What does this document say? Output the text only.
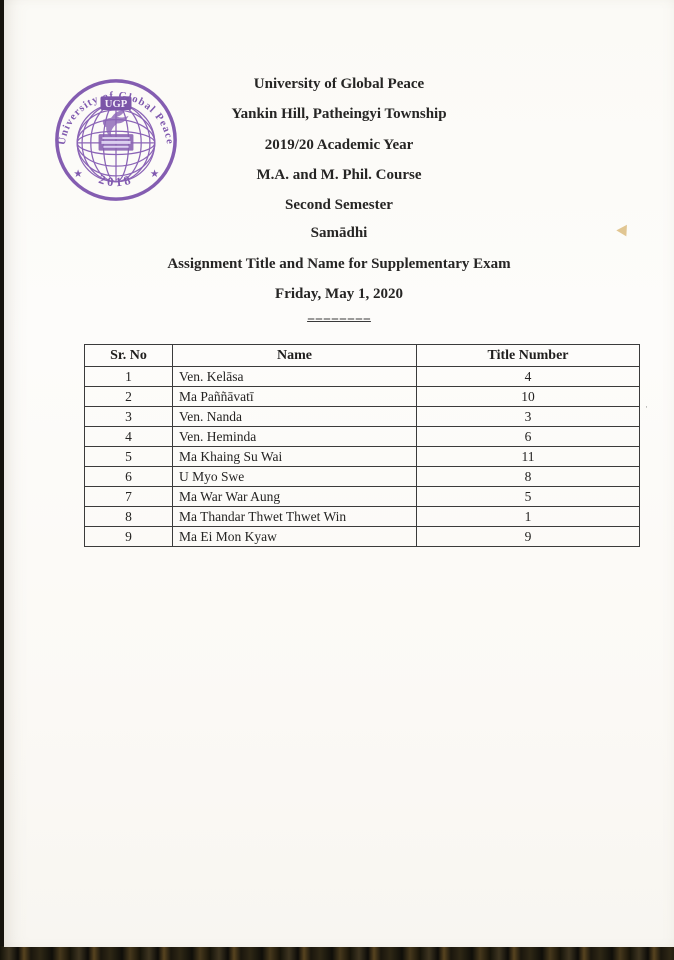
UGP
University of Global Peace
2018
★	★
University of Global Peace
Yankin Hill, Patheingyi Township
2019/20 Academic Year
M.A. and M. Phil. Course
Second Semester
Samādhi
Assignment Title and Name for Supplementary Exam
Friday, May 1, 2020
========
Sr. No	Name	Title Number
1	Ven. Kelāsa	4
2	Ma Paññāvatī	10
3	Ven. Nanda	3
4	Ven. Heminda	6
5	Ma Khaing Su Wai	11
6	U Myo Swe	8
7	Ma War War Aung	5
8	Ma Thandar Thwet Thwet Win	1
9	Ma Ei Mon Kyaw	9
·
